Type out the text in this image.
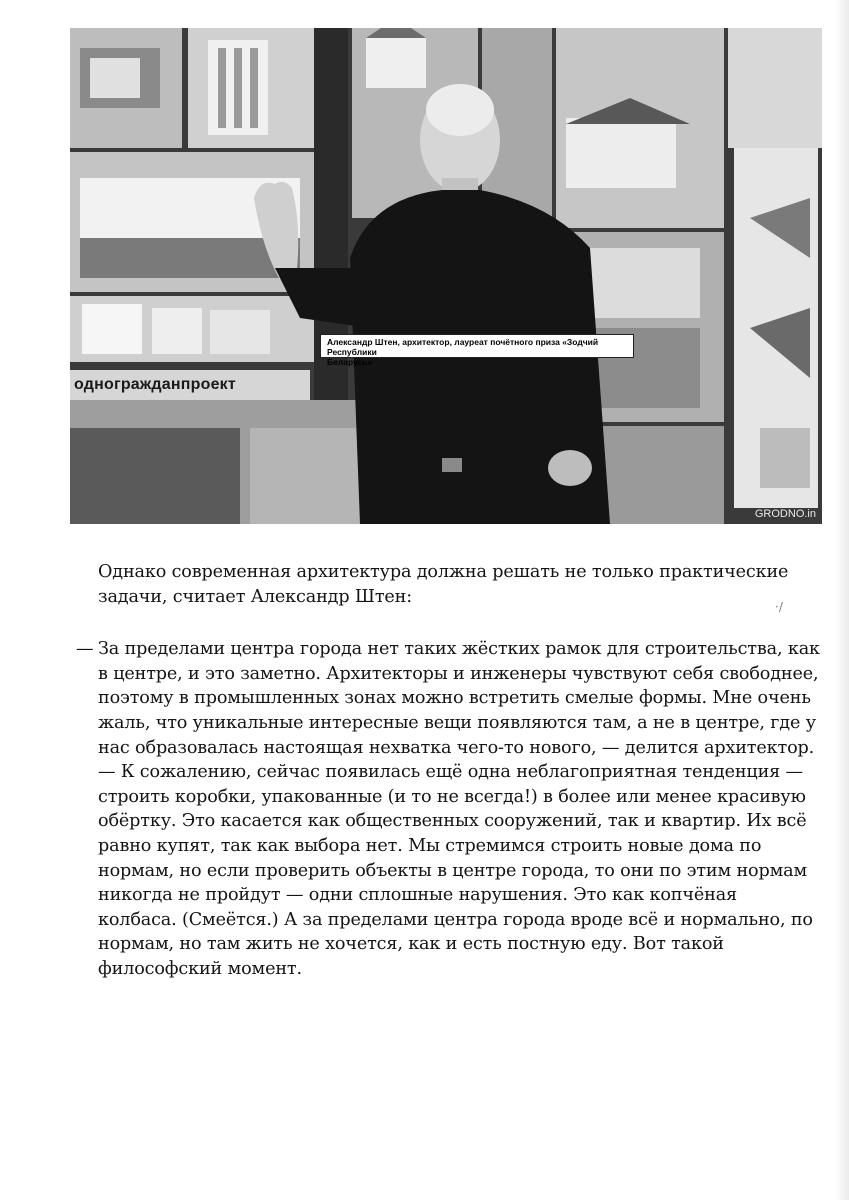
одногражданпроект
Александр Штен, архитектор, лауреат почётного приза «Зодчий Республики
Беларусь»
GRODNO.in
·/

Однако современная архитектура должна решать не только практические
задачи, считает Александр Штен:

— За пределами центра города нет таких жёстких рамок для строительства, как
в центре, и это заметно. Архитекторы и инженеры чувствуют себя свободнее,
поэтому в промышленных зонах можно встретить смелые формы. Мне очень
жаль, что уникальные интересные вещи появляются там, а не в центре, где у
нас образовалась настоящая нехватка чего-то нового, — делится архитектор.
— К сожалению, сейчас появилась ещё одна неблагоприятная тенденция —
строить коробки, упакованные (и то не всегда!) в более или менее красивую
обёртку. Это касается как общественных сооружений, так и квартир. Их всё
равно купят, так как выбора нет. Мы стремимся строить новые дома по
нормам, но если проверить объекты в центре города, то они по этим нормам
никогда не пройдут — одни сплошные нарушения. Это как копчёная
колбаса. (Смеётся.) А за пределами центра города вроде всё и нормально, по
нормам, но там жить не хочется, как и есть постную еду. Вот такой
философский момент.
